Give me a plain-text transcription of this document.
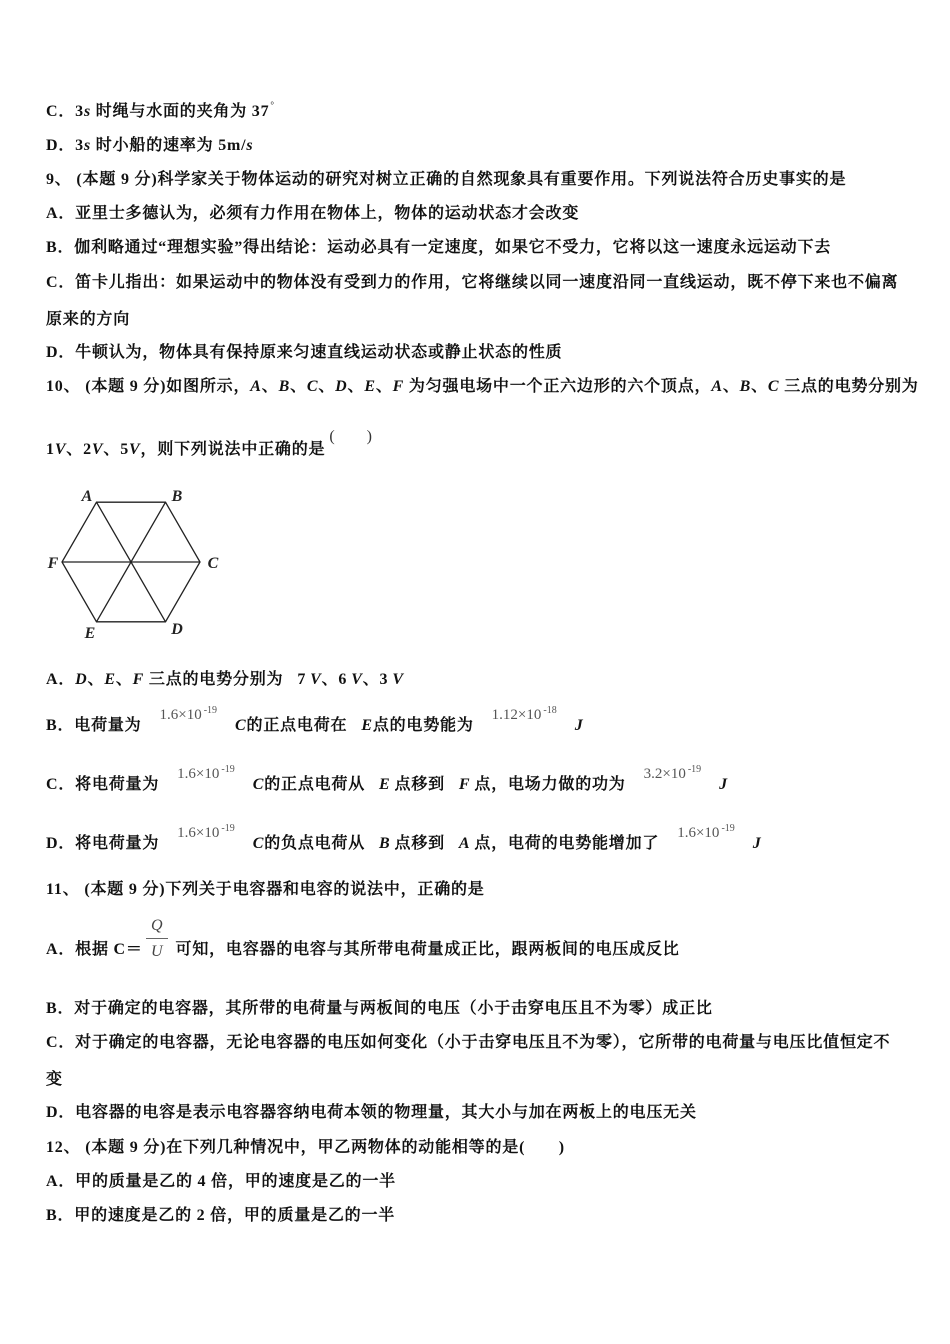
C．3s 时绳与水面的夹角为 37°
D．3s 时小船的速率为 5m/s
9、 (本题 9 分)科学家关于物体运动的研究对树立正确的自然现象具有重要作用。下列说法符合历史事实的是
A．亚里士多德认为，必须有力作用在物体上，物体的运动状态才会改变
B．伽利略通过“理想实验”得出结论：运动必具有一定速度，如果它不受力，它将以这一速度永远运动下去
C．笛卡儿指出：如果运动中的物体没有受到力的作用，它将继续以同一速度沿同一直线运动，既不停下来也不偏离
原来的方向
D．牛顿认为，物体具有保持原来匀速直线运动状态或静止状态的性质
10、 (本题 9 分)如图所示，A、B、C、D、E、F 为匀强电场中一个正六边形的六个顶点，A、B、C 三点的电势分别为
1V、2V、5V，则下列说法中正确的是(　　)
A	B
C
D
E
F
A．D、E、F 三点的电势分别为 7 V、6 V、3 V
B．电荷量为1.6×10 $^{-19}$C的正点电荷在 E点的电势能为1.12×10 $^{-18}$J
C．将电荷量为1.6×10 $^{-19}$C的正点电荷从 E 点移到 F 点，电场力做的功为3.2×10 $^{-19}$J
D．将电荷量为1.6×10 $^{-19}$C的负点电荷从 B 点移到 A 点，电荷的电势能增加了1.6×10 $^{-19}$J
11、 (本题 9 分)下列关于电容器和电容的说法中，正确的是
A．根据 $C= \frac{Q}{U}$ 可知，电容器的电容与其所带电荷量成正比，跟两板间的电压成反比
B．对于确定的电容器，其所带的电荷量与两板间的电压（小于击穿电压且不为零）成正比
C．对于确定的电容器，无论电容器的电压如何变化（小于击穿电压且不为零），它所带的电荷量与电压比值恒定不
变
D．电容器的电容是表示电容器容纳电荷本领的物理量，其大小与加在两板上的电压无关
12、 (本题 9 分)在下列几种情况中，甲乙两物体的动能相等的是(　　)
A．甲的质量是乙的 4 倍，甲的速度是乙的一半
B．甲的速度是乙的 2 倍，甲的质量是乙的一半
